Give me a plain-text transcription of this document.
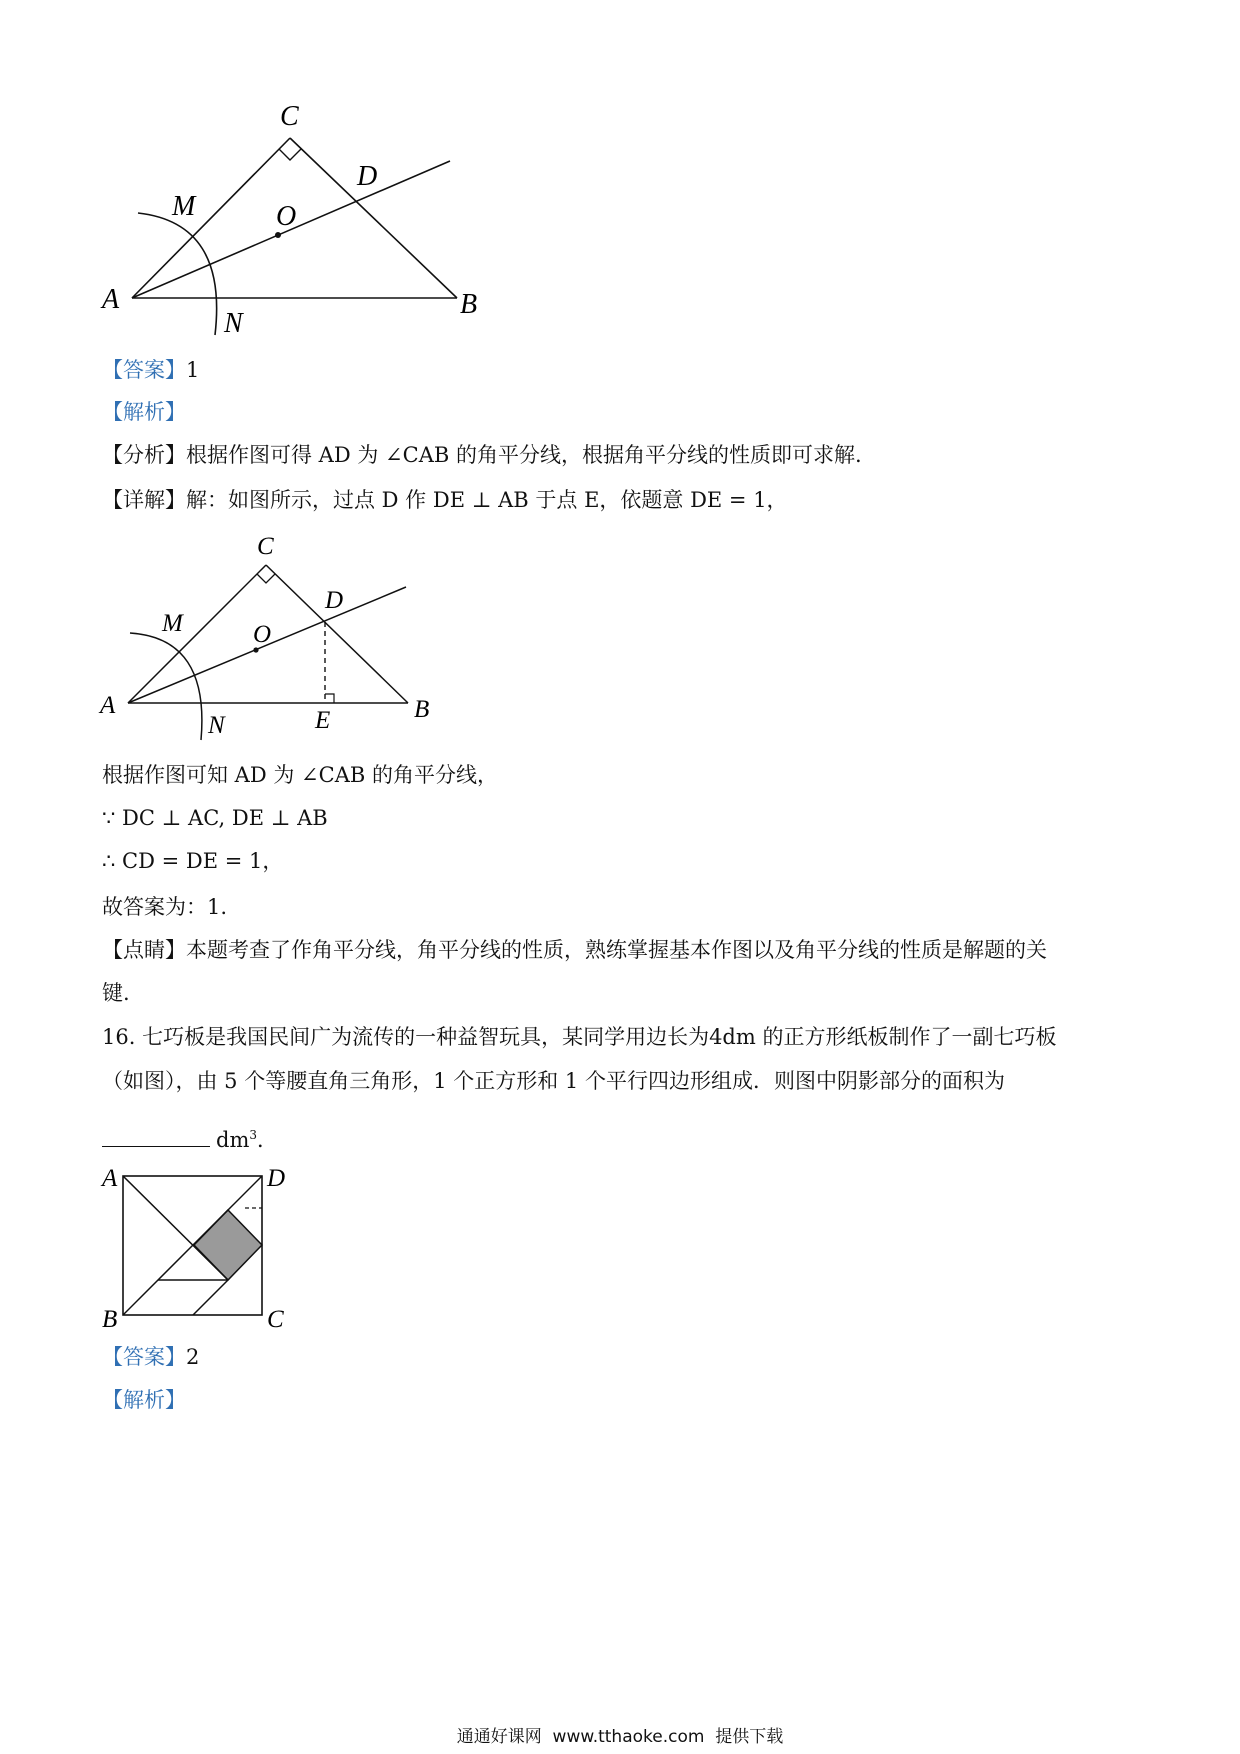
C
D
M	O
A
N
B
【答案】1
【解析】
【分析】根据作图可得 AD 为 ∠CAB 的角平分线，根据角平分线的性质即可求解.
【详解】解：如图所示，过点 D 作 DE ⊥ AB 于点 E，依题意 DE = 1，
C
D
M	O
A
N	E	B
根据作图可知 AD 为 ∠CAB 的角平分线，
∵ DC ⊥ AC, DE ⊥ AB
∴ CD = DE = 1，
故答案为：1.
【点睛】本题考查了作角平分线，角平分线的性质，熟练掌握基本作图以及角平分线的性质是解题的关
键.
16. 七巧板是我国民间广为流传的一种益智玩具，某同学用边长为4dm 的正方形纸板制作了一副七巧板
（如图），由 5 个等腰直角三角形，1 个正方形和 1 个平行四边形组成．则图中阴影部分的面积为
$dm^3$．
A	D
B	C
【答案】2
【解析】
通通好课网  www.tthaoke.com  提供下载
